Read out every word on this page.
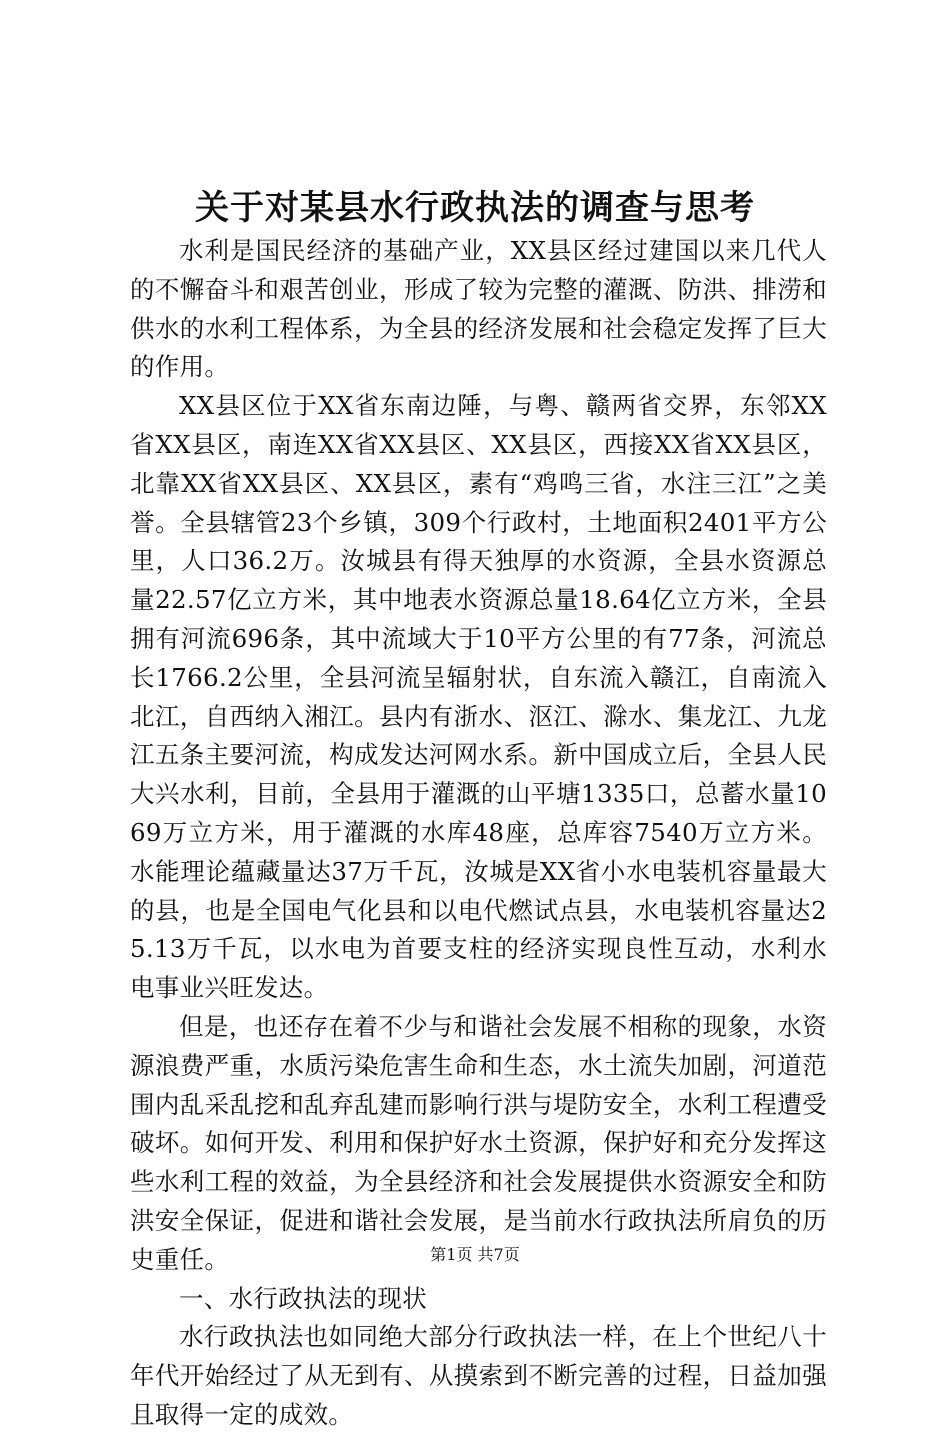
关于对某县水行政执法的调查与思考

水利是国民经济的基础产业，XX县区经过建国以来几代人的不懈奋斗和艰苦创业，形成了较为完整的灌溉、防洪、排涝和供水的水利工程体系，为全县的经济发展和社会稳定发挥了巨大的作用。

XX县区位于XX省东南边陲，与粤、赣两省交界，东邻XX省XX县区，南连XX省XX县区、XX县区，西接XX省XX县区，北靠XX省XX县区、XX县区，素有“鸡鸣三省，水注三江”之美誉。全县辖管23个乡镇，309个行政村，土地面积2401平方公里，人口36.2万。汝城县有得天独厚的水资源，全县水资源总量22.57亿立方米，其中地表水资源总量18.64亿立方米，全县拥有河流696条，其中流域大于10平方公里的有77条，河流总长1766.2公里，全县河流呈辐射状，自东流入赣江，自南流入北江，自西纳入湘江。县内有浙水、沤江、滁水、集龙江、九龙江五条主要河流，构成发达河网水系。新中国成立后，全县人民大兴水利，目前，全县用于灌溉的山平塘1335口，总蓄水量1069万立方米，用于灌溉的水库48座，总库容7540万立方米。水能理论蕴藏量达37万千瓦，汝城是XX省小水电装机容量最大的县，也是全国电气化县和以电代燃试点县，水电装机容量达25.13万千瓦，以水电为首要支柱的经济实现良性互动，水利水电事业兴旺发达。

但是，也还存在着不少与和谐社会发展不相称的现象，水资源浪费严重，水质污染危害生命和生态，水土流失加剧，河道范围内乱采乱挖和乱弃乱建而影响行洪与堤防安全，水利工程遭受破坏。如何开发、利用和保护好水土资源，保护好和充分发挥这些水利工程的效益，为全县经济和社会发展提供水资源安全和防洪安全保证，促进和谐社会发展，是当前水行政执法所肩负的历史重任。

一、水行政执法的现状

水行政执法也如同绝大部分行政执法一样，在上个世纪八十年代开始经过了从无到有、从摸索到不断完善的过程，日益加强且取得一定的成效。

第1页 共7页
